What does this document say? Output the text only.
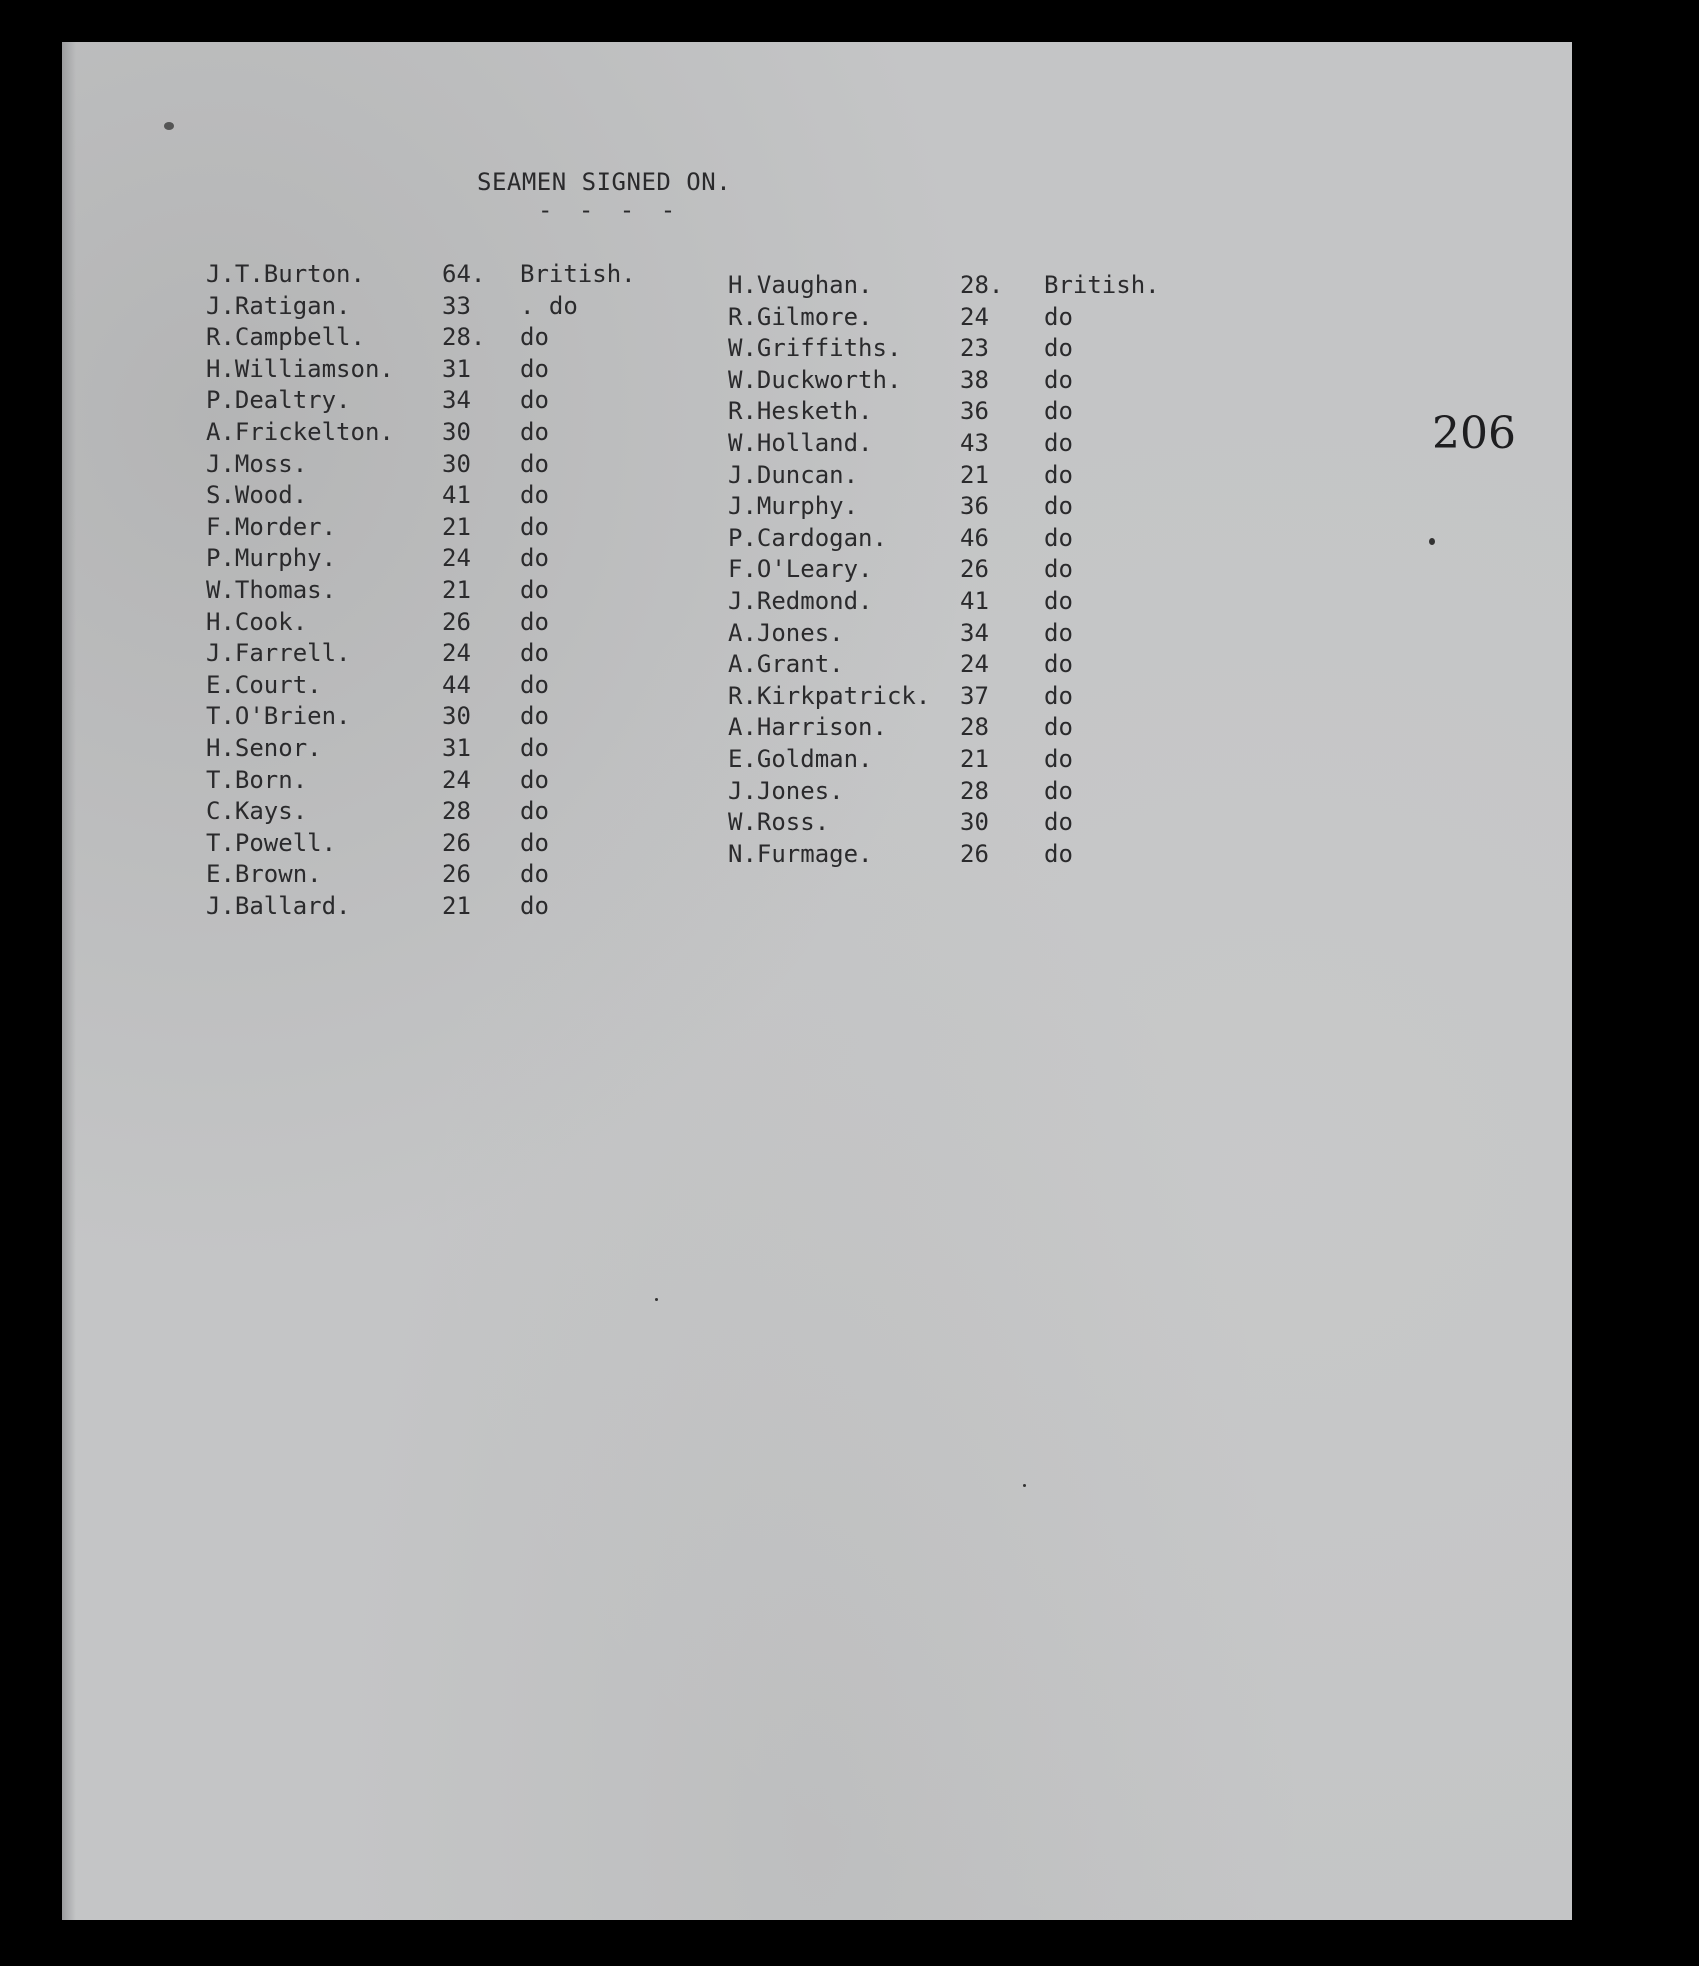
SEAMEN SIGNED ON.
- - - -
J.T.Burton.	64. British.
J.Ratigan.	33 . do
R.Campbell.	28. do
H.Williamson. 31 do
P.Dealtry.	34 do
A.Frickelton. 30 do
J.Moss.	30 do
S.Wood.	41 do
F.Morder.	21 do
P.Murphy.	24 do
W.Thomas.	21 do
H.Cook.	26 do
J.Farrell.	24 do
E.Court.	44 do
T.O'Brien.	30 do
H.Senor.	31 do
T.Born.	24 do
C.Kays.	28 do
T.Powell.	26 do
E.Brown.	26 do
J.Ballard.	21 do
H.Vaughan.	28. British.
R.Gilmore.	24 do
W.Griffiths. 23 do
W.Duckworth. 38 do
R.Hesketh.	36 do
W.Holland.	43 do
J.Duncan.	21 do
J.Murphy.	36 do
P.Cardogan.	46 do
F.O'Leary.	26 do
J.Redmond.	41 do
A.Jones.	34 do
A.Grant.	24 do
R.Kirkpatrick. 37 do
A.Harrison.	28 do
E.Goldman.	21 do
J.Jones.	28 do
W.Ross.	30 do
N.Furmage.	26 do
206
